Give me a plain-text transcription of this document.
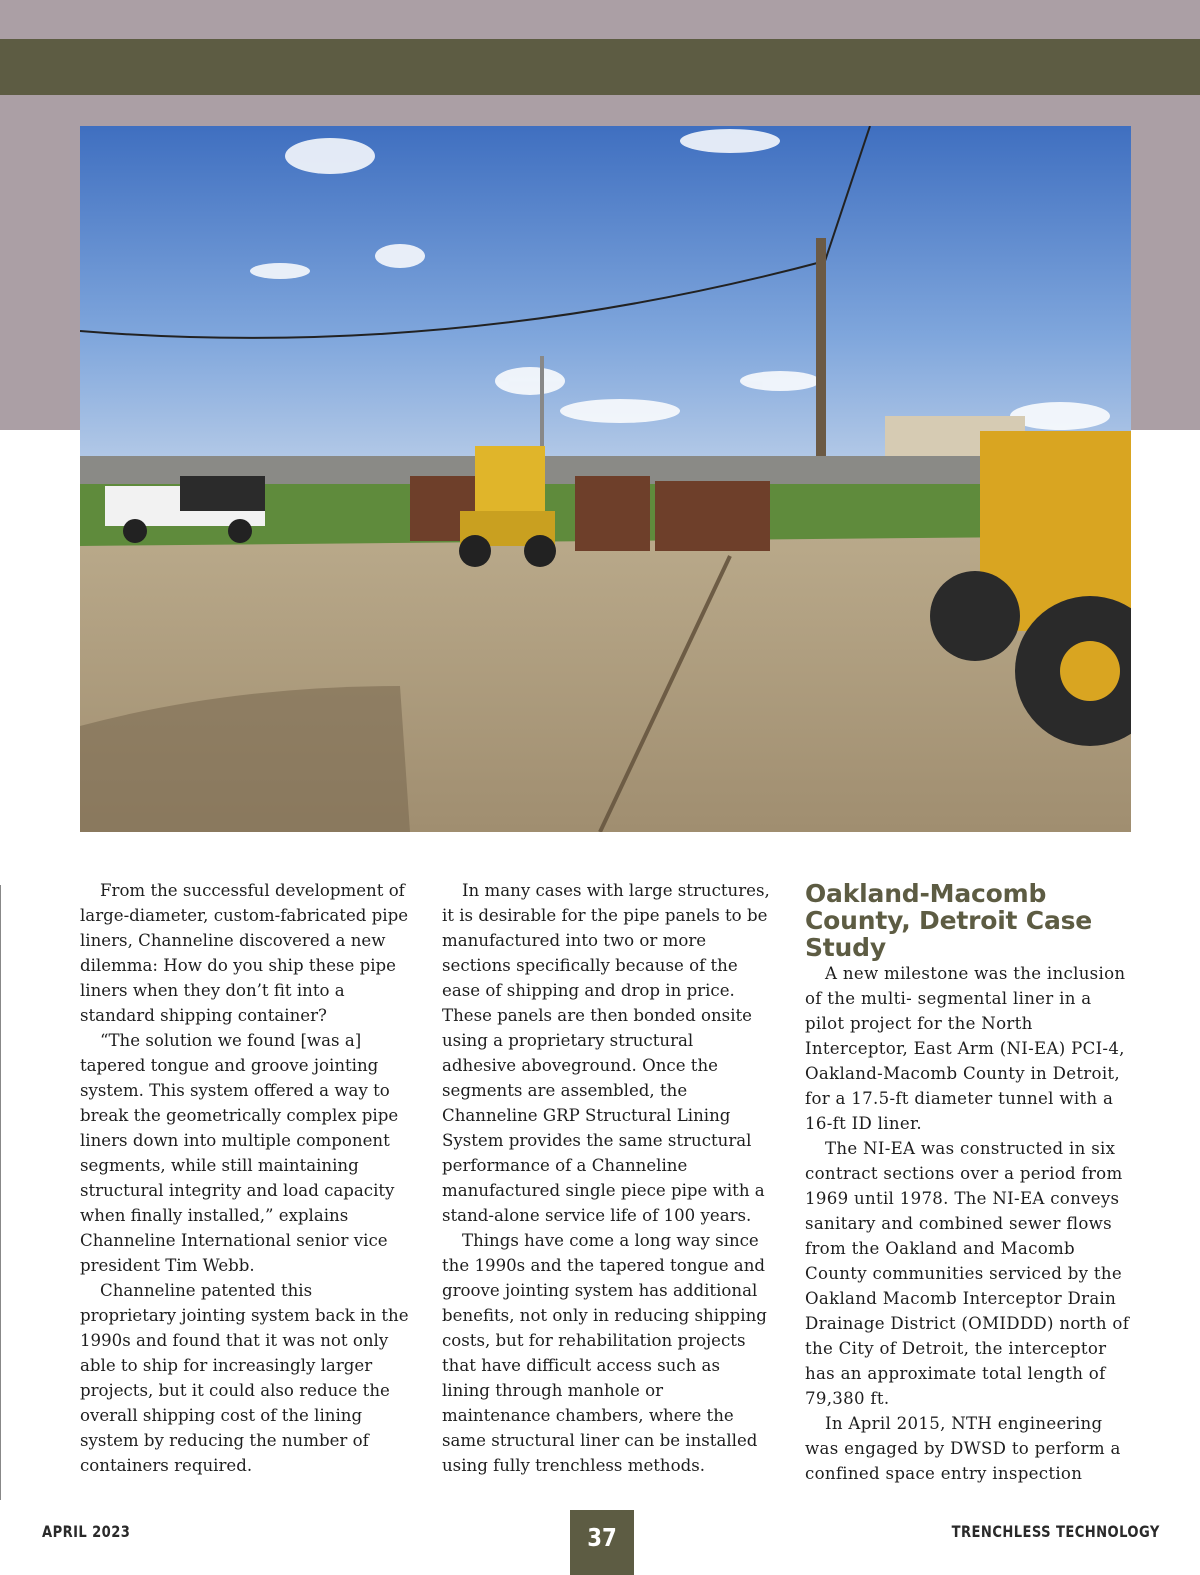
From the successful development of large-diameter, custom-fabricated pipe liners, Channeline discovered a new dilemma: How do you ship these pipe liners when they don’t fit into a standard shipping container?

“The solution we found [was a] tapered tongue and groove jointing system. This system offered a way to break the geometrically complex pipe liners down into multiple component segments, while still maintaining structural integrity and load capacity when finally installed,” explains Channeline International senior vice president Tim Webb.

Channeline patented this proprietary jointing system back in the 1990s and found that it was not only able to ship for increasingly larger projects, but it could also reduce the overall shipping cost of the lining system by reducing the number of containers required.

In many cases with large structures, it is desirable for the pipe panels to be manufactured into two or more sections specifically because of the ease of shipping and drop in price. These panels are then bonded onsite using a proprietary structural adhesive aboveground. Once the segments are assembled, the Channeline GRP Structural Lining System provides the same structural performance of a Channeline manufactured single piece pipe with a stand-alone service life of 100 years.

Things have come a long way since the 1990s and the tapered tongue and groove jointing system has additional benefits, not only in reducing shipping costs, but for rehabilitation projects that have difficult access such as lining through manhole or maintenance chambers, where the same structural liner can be installed using fully trenchless methods.

Oakland-Macomb County, Detroit Case Study

A new milestone was the inclusion of the multi- segmental liner in a pilot project for the North Interceptor, East Arm (NI-EA) PCI-4, Oakland-Macomb County in Detroit, for a 17.5-ft diameter tunnel with a 16-ft ID liner.

The NI-EA was constructed in six contract sections over a period from 1969 until 1978. The NI-EA conveys sanitary and combined sewer flows from the Oakland and Macomb County communities serviced by the Oakland Macomb Interceptor Drain Drainage District (OMIDDD) north of the City of Detroit, the interceptor has an approximate total length of 79,380 ft.

In April 2015, NTH engineering was engaged by DWSD to perform a confined space entry inspection

APRIL 2023	37	TRENCHLESS TECHNOLOGY
